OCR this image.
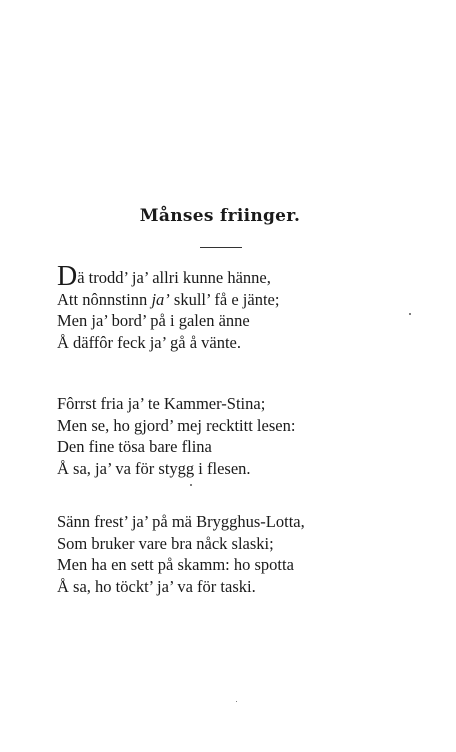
Månses friinger.
Dä trodd’ ja’ allri kunne hänne,
Att nônnstinn ja’ skull’ få e jänte;
Men ja’ bord’ på i galen änne
Å däffôr feck ja’ gå å vänte.
Fôrrst fria ja’ te Kammer-Stina;
Men se, ho gjord’ mej recktitt lesen:
Den fine tösa bare flina
Å sa, ja’ va för stygg i flesen.
Sänn frest’ ja’ på mä Brygghus-Lotta,
Som bruker vare bra nåck slaski;
Men ha en sett på skamm: ho spotta
Å sa, ho töckt’ ja’ va för taski.
